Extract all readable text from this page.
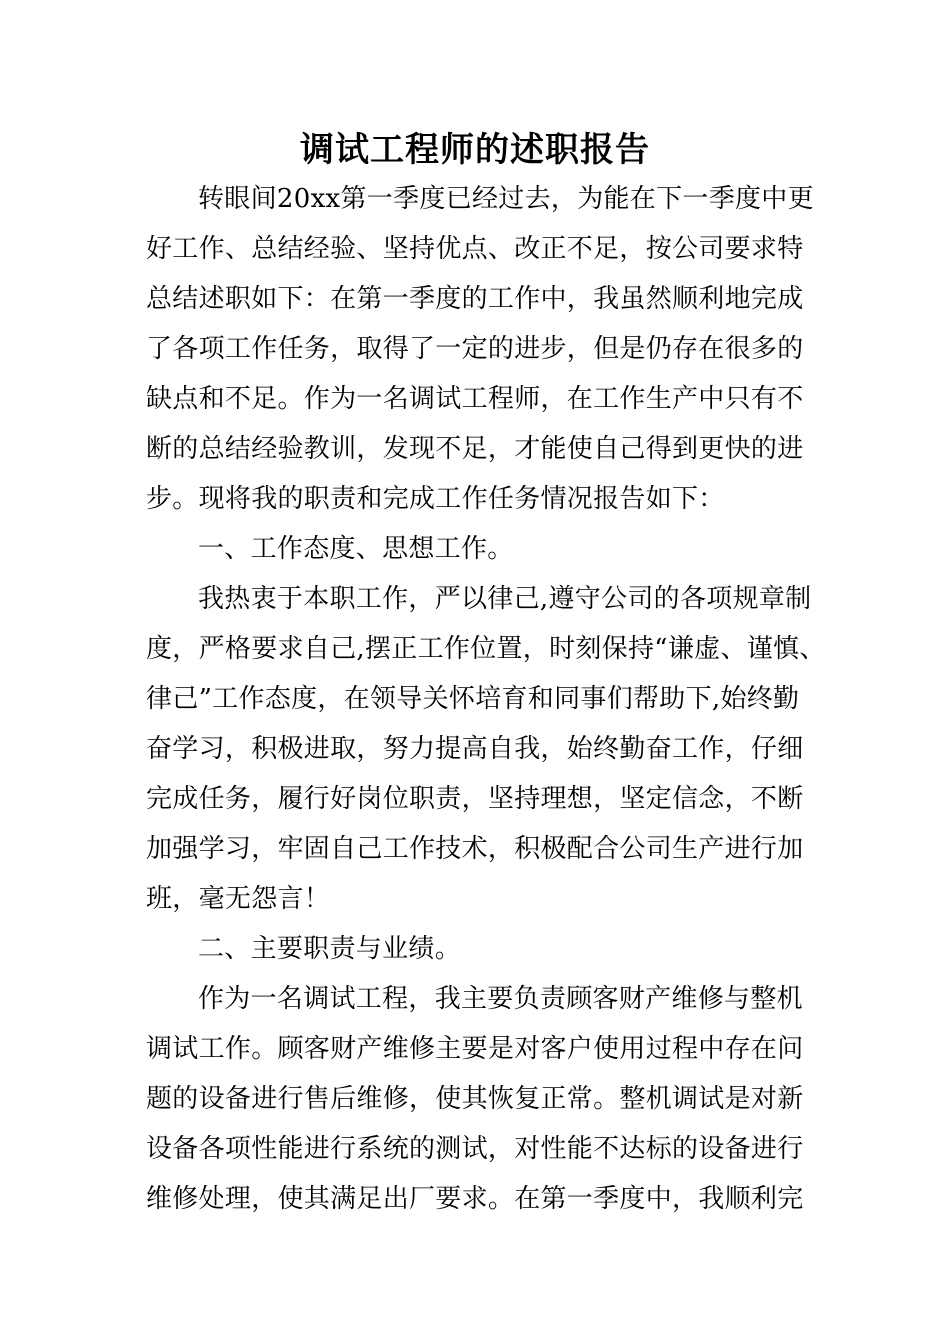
调试工程师的述职报告
转眼间20xx第一季度已经过去，为能在下一季度中更
好工作、总结经验、坚持优点、改正不足，按公司要求特
总结述职如下：在第一季度的工作中，我虽然顺利地完成
了各项工作任务，取得了一定的进步，但是仍存在很多的
缺点和不足。作为一名调试工程师，在工作生产中只有不
断的总结经验教训，发现不足，才能使自己得到更快的进
步。现将我的职责和完成工作任务情况报告如下：
一、工作态度、思想工作。
我热衷于本职工作，严以律己,遵守公司的各项规章制
度，严格要求自己,摆正工作位置，时刻保持“谦虚、谨慎、
律己”工作态度，在领导关怀培育和同事们帮助下,始终勤
奋学习，积极进取，努力提高自我，始终勤奋工作，仔细
完成任务，履行好岗位职责，坚持理想，坚定信念，不断
加强学习，牢固自己工作技术，积极配合公司生产进行加
班，毫无怨言！
二、主要职责与业绩。
作为一名调试工程，我主要负责顾客财产维修与整机
调试工作。顾客财产维修主要是对客户使用过程中存在问
题的设备进行售后维修，使其恢复正常。整机调试是对新
设备各项性能进行系统的测试，对性能不达标的设备进行
维修处理，使其满足出厂要求。在第一季度中，我顺利完
